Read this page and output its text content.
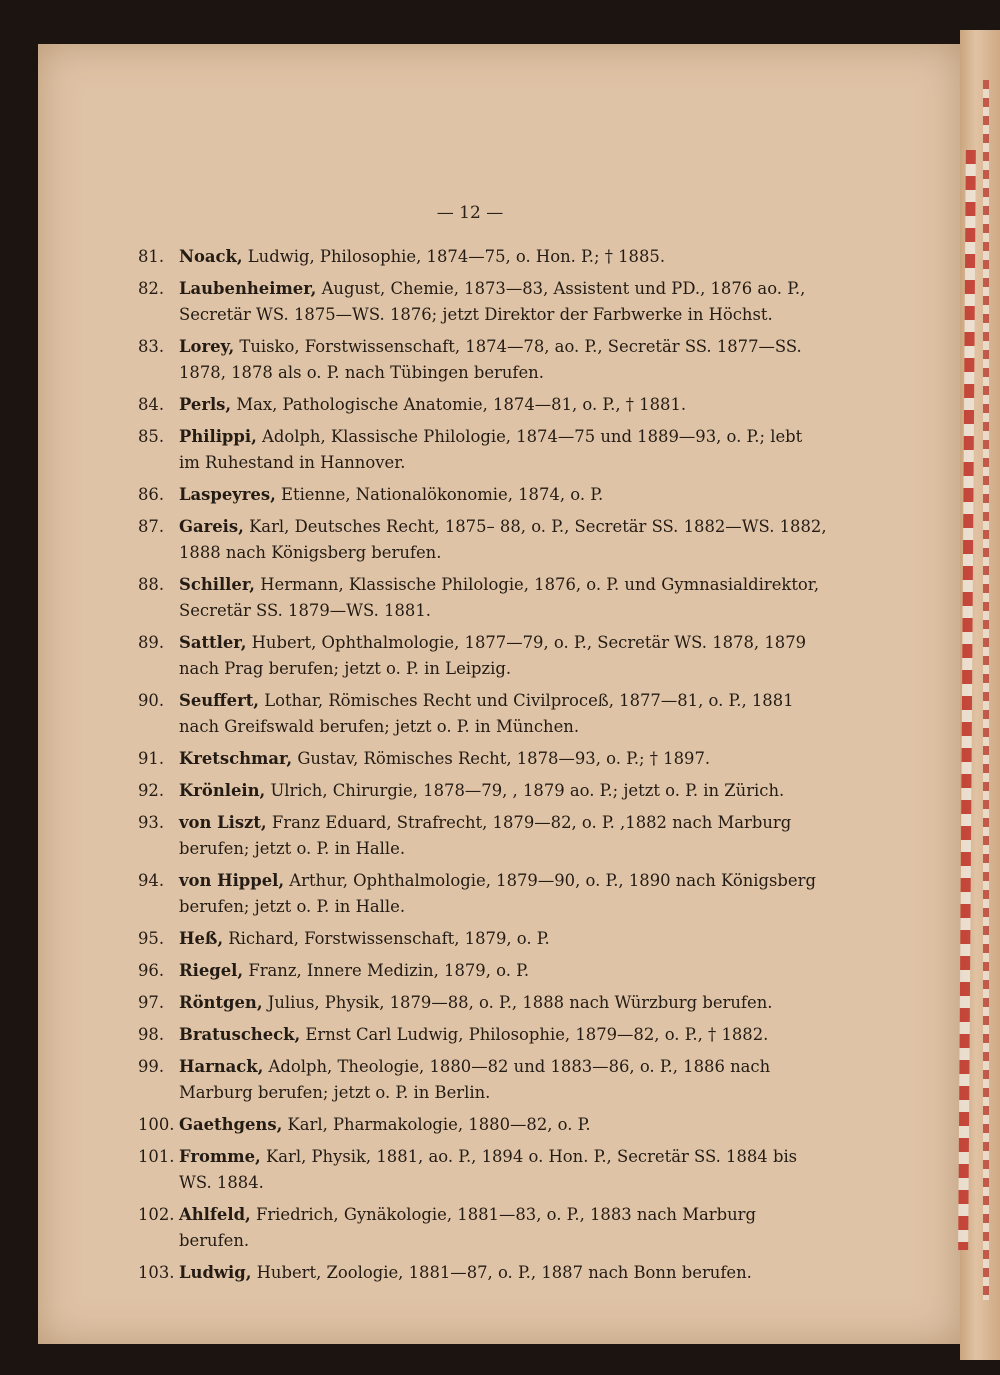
— 12 —
81. Noack, Ludwig, Philosophie, 1874—75, o. Hon. P.; † 1885.
82. Laubenheimer, August, Chemie, 1873—83, Assistent und PD., 1876 ao. P., Secretär WS. 1875—WS. 1876; jetzt Direktor der Farbwerke in Höchst.
83. Lorey, Tuisko, Forstwissenschaft, 1874—78, ao. P., Secretär SS. 1877—SS. 1878, 1878 als o. P. nach Tübingen berufen.
84. Perls, Max, Pathologische Anatomie, 1874—81, o. P., † 1881.
85. Philippi, Adolph, Klassische Philologie, 1874—75 und 1889—93, o. P.; lebt im Ruhestand in Hannover.
86. Laspeyres, Etienne, Nationalökonomie, 1874, o. P.
87. Gareis, Karl, Deutsches Recht, 1875– 88, o. P., Secretär SS. 1882—WS. 1882, 1888 nach Königsberg berufen.
88. Schiller, Hermann, Klassische Philologie, 1876, o. P. und Gymnasialdirektor, Secretär SS. 1879—WS. 1881.
89. Sattler, Hubert, Ophthalmologie, 1877—79, o. P., Secretär WS. 1878, 1879 nach Prag berufen; jetzt o. P. in Leipzig.
90. Seuffert, Lothar, Römisches Recht und Civilproceß, 1877—81, o. P., 1881 nach Greifswald berufen; jetzt o. P. in München.
91. Kretschmar, Gustav, Römisches Recht, 1878—93, o. P.; † 1897.
92. Krönlein, Ulrich, Chirurgie, 1878—79, , 1879 ao. P.; jetzt o. P. in Zürich.
93. von Liszt, Franz Eduard, Strafrecht, 1879—82, o. P. ,1882 nach Marburg berufen; jetzt o. P. in Halle.
94. von Hippel, Arthur, Ophthalmologie, 1879—90, o. P., 1890 nach Königsberg berufen; jetzt o. P. in Halle.
95. Heß, Richard, Forstwissenschaft, 1879, o. P.
96. Riegel, Franz, Innere Medizin, 1879, o. P.
97. Röntgen, Julius, Physik, 1879—88, o. P., 1888 nach Würzburg berufen.
98. Bratuscheck, Ernst Carl Ludwig, Philosophie, 1879—82, o. P., † 1882.
99. Harnack, Adolph, Theologie, 1880—82 und 1883—86, o. P., 1886 nach Marburg berufen; jetzt o. P. in Berlin.
100. Gaethgens, Karl, Pharmakologie, 1880—82, o. P.
101. Fromme, Karl, Physik, 1881, ao. P., 1894 o. Hon. P., Secretär SS. 1884 bis WS. 1884.
102. Ahlfeld, Friedrich, Gynäkologie, 1881—83, o. P., 1883 nach Marburg berufen.
103. Ludwig, Hubert, Zoologie, 1881—87, o. P., 1887 nach Bonn berufen.
